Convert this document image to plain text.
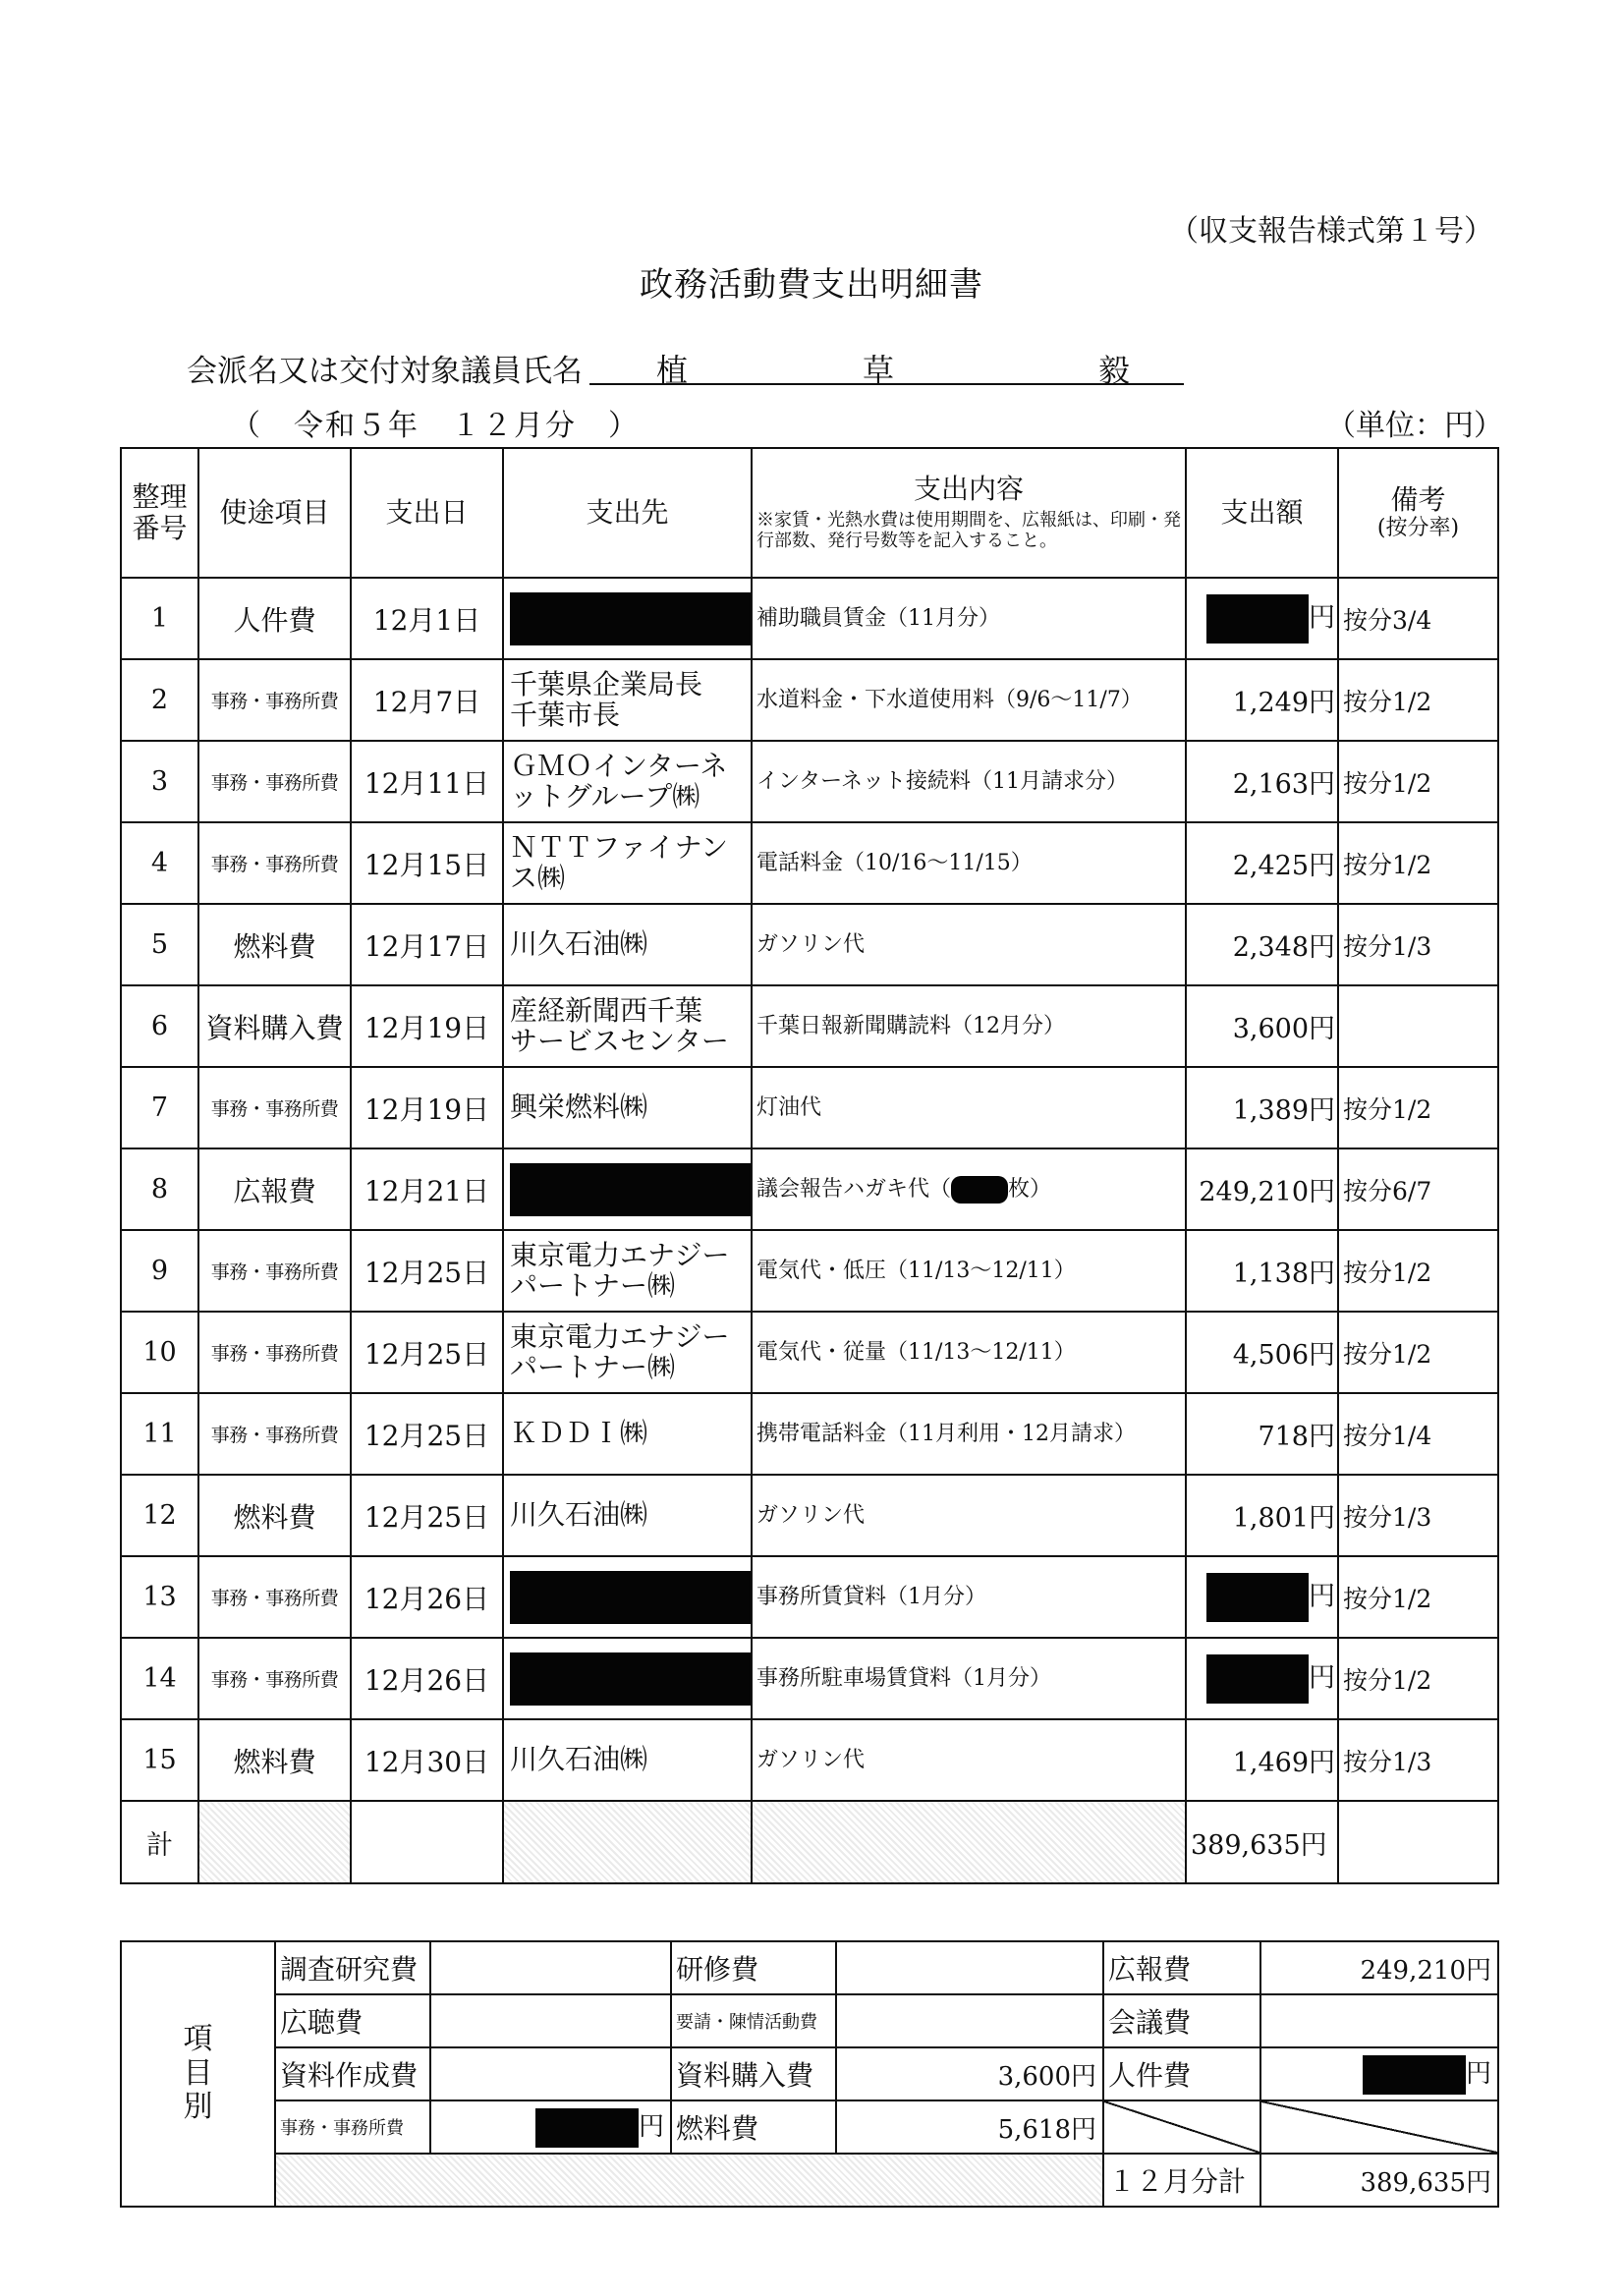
（収支報告様式第１号）
政務活動費支出明細書
会派名又は交付対象議員氏名 植	草	毅
（　令和５年　１２月分　）	（単位：円）
整理番号	使途項目	支出日	支出先	支出内容
※家賃・光熱水費は使用期間を、広報紙は、印刷・発行部数、発行号数等を記入すること。	支出額	備考
(按分率)

1	人件費	12月1日		補助職員賃金（11月分）	円	按分3/4
2	事務・事務所費	12月7日	千葉県企業局長
千葉市長	水道料金・下水道使用料（9/6～11/7）	1,249円	按分1/2
3	事務・事務所費	12月11日	ＧＭＯインターネットグループ㈱	インターネット接続料（11月請求分）	2,163円	按分1/2
4	事務・事務所費	12月15日	ＮＴＴファイナンス㈱	電話料金（10/16～11/15）	2,425円	按分1/2
5	燃料費	12月17日	川久石油㈱	ガソリン代	2,348円	按分1/3
6	資料購入費	12月19日	産経新聞西千葉
サービスセンター	千葉日報新聞購読料（12月分）	3,600円	
7	事務・事務所費	12月19日	興栄燃料㈱	灯油代	1,389円	按分1/2
8	広報費	12月21日		議会報告ハガキ代（ 枚）	249,210円	按分6/7
9	事務・事務所費	12月25日	東京電力エナジー
パートナー㈱	電気代・低圧（11/13～12/11）	1,138円	按分1/2
10	事務・事務所費	12月25日	東京電力エナジー
パートナー㈱	電気代・従量（11/13～12/11）	4,506円	按分1/2
11	事務・事務所費	12月25日	ＫＤＤＩ㈱	携帯電話料金（11月利用・12月請求）	718円	按分1/4
12	燃料費	12月25日	川久石油㈱	ガソリン代	1,801円	按分1/3
13	事務・事務所費	12月26日		事務所賃貸料（1月分）	円	按分1/2
14	事務・事務所費	12月26日		事務所駐車場賃貸料（1月分）	円	按分1/2
15	燃料費	12月30日	川久石油㈱	ガソリン代	1,469円	按分1/3
計					389,635円	
項目別	調査研究費		研修費		広報費	249,210円
	広聴費		要請・陳情活動費		会議費	
	資料作成費		資料購入費	3,600円	人件費	円
	事務・事務所費	円	燃料費	5,618円		
					１２月分計	389,635円
